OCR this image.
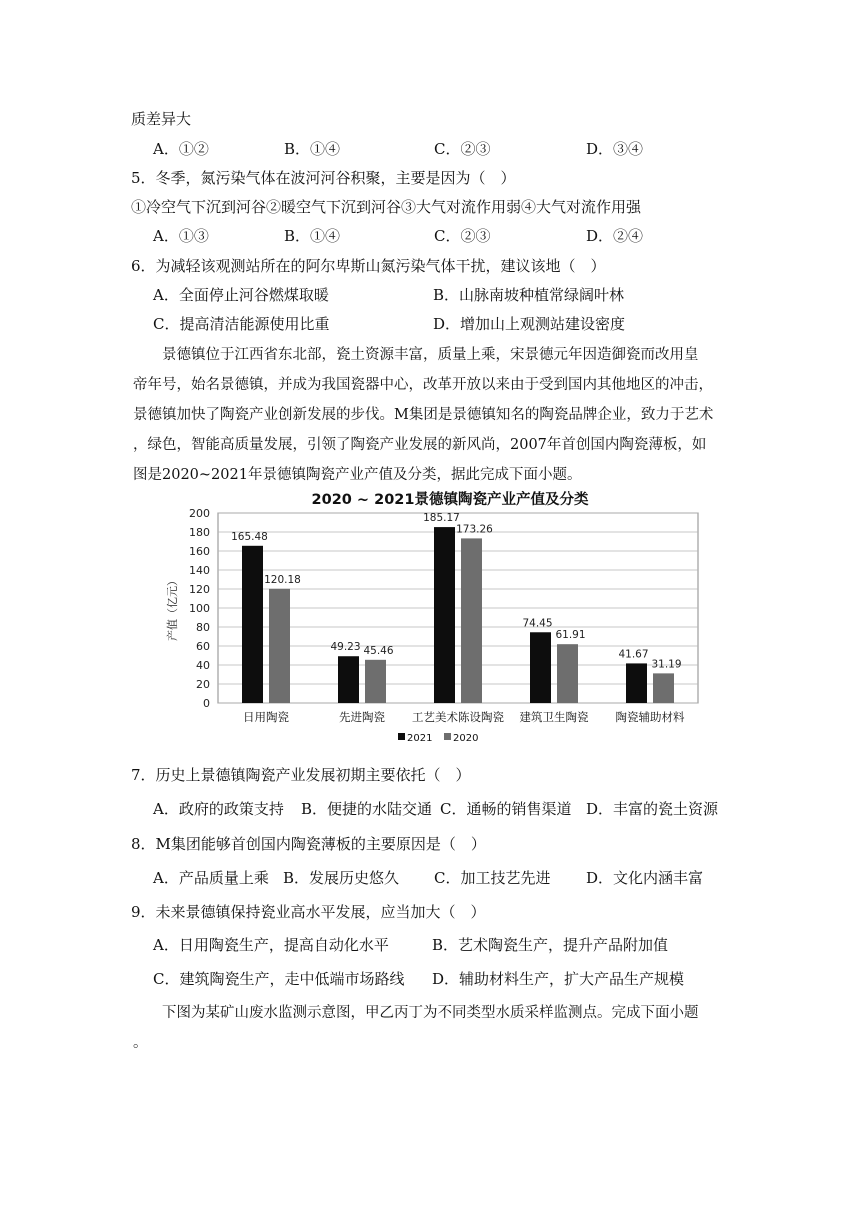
质差异大
A．①②	B．①④	C．②③	D．③④
5．冬季，氮污染气体在波河河谷积聚，主要是因为（　）
①冷空气下沉到河谷②暖空气下沉到河谷③大气对流作用弱④大气对流作用强
A．①③	B．①④	C．②③	D．②④
6．为减轻该观测站所在的阿尔卑斯山氮污染气体干扰，建议该地（　）
A．全面停止河谷燃煤取暖	B．山脉南坡种植常绿阔叶林
C．提高清洁能源使用比重	D．增加山上观测站建设密度

　　景德镇位于江西省东北部，瓷土资源丰富，质量上乘，宋景德元年因造御瓷而改用皇

帝年号，始名景德镇，并成为我国瓷器中心，改革开放以来由于受到国内其他地区的冲击，

景德镇加快了陶瓷产业创新发展的步伐。M集团是景德镇知名的陶瓷品牌企业，致力于艺术

，绿色，智能高质量发展，引领了陶瓷产业发展的新风尚，2007年首创国内陶瓷薄板，如

图是2020~2021年景德镇陶瓷产业产值及分类，据此完成下面小题。

0
20
40
60
80
100
120
140
160
180
200
产值（亿元）
165.48
120.18
日用陶瓷
49.23 45.46
先进陶瓷
185.17
173.26
工艺美术陈设陶瓷
74.45
61.91
建筑卫生陶瓷
41.67
31.19
陶瓷辅助材料
2021 2020
2020 ~ 2021景德镇陶瓷产业产值及分类
7．历史上景德镇陶瓷产业发展初期主要依托（　）
A．政府的政策支持 B．便捷的水陆交通 C．通畅的销售渠道 D．丰富的瓷土资源
8．M集团能够首创国内陶瓷薄板的主要原因是（　）
A．产品质量上乘 B．发展历史悠久 C．加工技艺先进 D．文化内涵丰富
9．未来景德镇保持瓷业高水平发展，应当加大（　）
A．日用陶瓷生产，提高自动化水平	B．艺术陶瓷生产，提升产品附加值
C．建筑陶瓷生产，走中低端市场路线 D．辅助材料生产，扩大产品生产规模

　　下图为某矿山废水监测示意图，甲乙丙丁为不同类型水质采样监测点。完成下面小题

。
